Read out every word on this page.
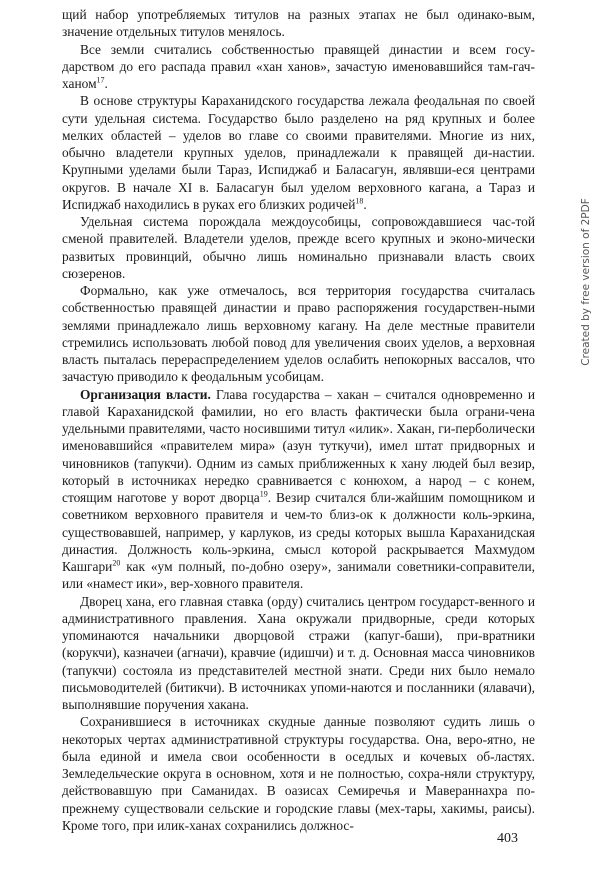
щий набор употребляемых титулов на разных этапах не был одинако-вым, значение отдельных титулов менялось.

Все земли считались собственностью правящей династии и всем госу-дарством до его распада правил «хан ханов», зачастую именовавшийся там-гач-ханом$^{17}$.

В основе структуры Караханидского государства лежала феодальная по своей сути удельная система. Государство было разделено на ряд крупных и более мелких областей – уделов во главе со своими правителями. Многие из них, обычно владетели крупных уделов, принадлежали к правящей ди-настии. Крупными уделами были Тараз, Испиджаб и Баласагун, являвши-еся центрами округов. В начале XI в. Баласагун был уделом верховного кагана, а Тараз и Испиджаб находились в руках его близких родичей$^{18}$.

Удельная система порождала междоусобицы, сопровождавшиеся час-той сменой правителей. Владетели уделов, прежде всего крупных и эконо-мически развитых провинций, обычно лишь номинально признавали власть своих сюзеренов.

Формально, как уже отмечалось, вся территория государства считалась собственностью правящей династии и право распоряжения государствен-ными землями принадлежало лишь верховному кагану. На деле местные правители стремились использовать любой повод для увеличения своих уделов, а верховная власть пыталась перераспределением уделов ослабить непокорных вассалов, что зачастую приводило к феодальным усобицам.

Организация власти. Глава государства – хакан – считался одновременно и главой Караханидской фамилии, но его власть фактически была ограни-чена удельными правителями, часто носившими титул «илик». Хакан, ги-перболически именовавшийся «правителем мира» (азун туткучи), имел штат придворных и чиновников (тапукчи). Одним из самых приближенных к хану людей был везир, который в источниках нередко сравнивается с конюхом, а народ – с конем, стоящим наготове у ворот дворца$^{19}$. Везир считался бли-жайшим помощником и советником верховного правителя и чем-то близ-ок к должности коль-эркина, существовавшей, например, у карлуков, из среды которых вышла Караханидская династия. Должность коль-эркина, смысл которой раскрывается Махмудом Кашгари$^{20}$ как «ум полный, по-добно озеру», занимали советники-соправители, или «намест ики», вер-ховного правителя.

Дворец хана, его главная ставка (орду) считались центром государст-венного и административного правления. Хана окружали придворные, среди которых упоминаются начальники дворцовой стражи (капуг-баши), при-вратники (корукчи), казначеи (агначи), кравчие (идишчи) и т. д. Основная масса чиновников (тапукчи) состояла из представителей местной знати. Среди них было немало письмоводителей (битикчи). В источниках упоми-наются и посланники (ялавачи), выполнявшие поручения хакана.

Сохранившиеся в источниках скудные данные позволяют судить лишь о некоторых чертах административной структуры государства. Она, веро-ятно, не была единой и имела свои особенности в оседлых и кочевых об-ластях. Земледельческие округа в основном, хотя и не полностью, сохра-няли структуру, действовавшую при Саманидах. В оазисах Семиречья и Мавераннахра по-прежнему существовали сельские и городские главы (мех-тары, хакимы, раисы). Кроме того, при илик-ханах сохранились должнос-

403
Created by free version of 2PDF
